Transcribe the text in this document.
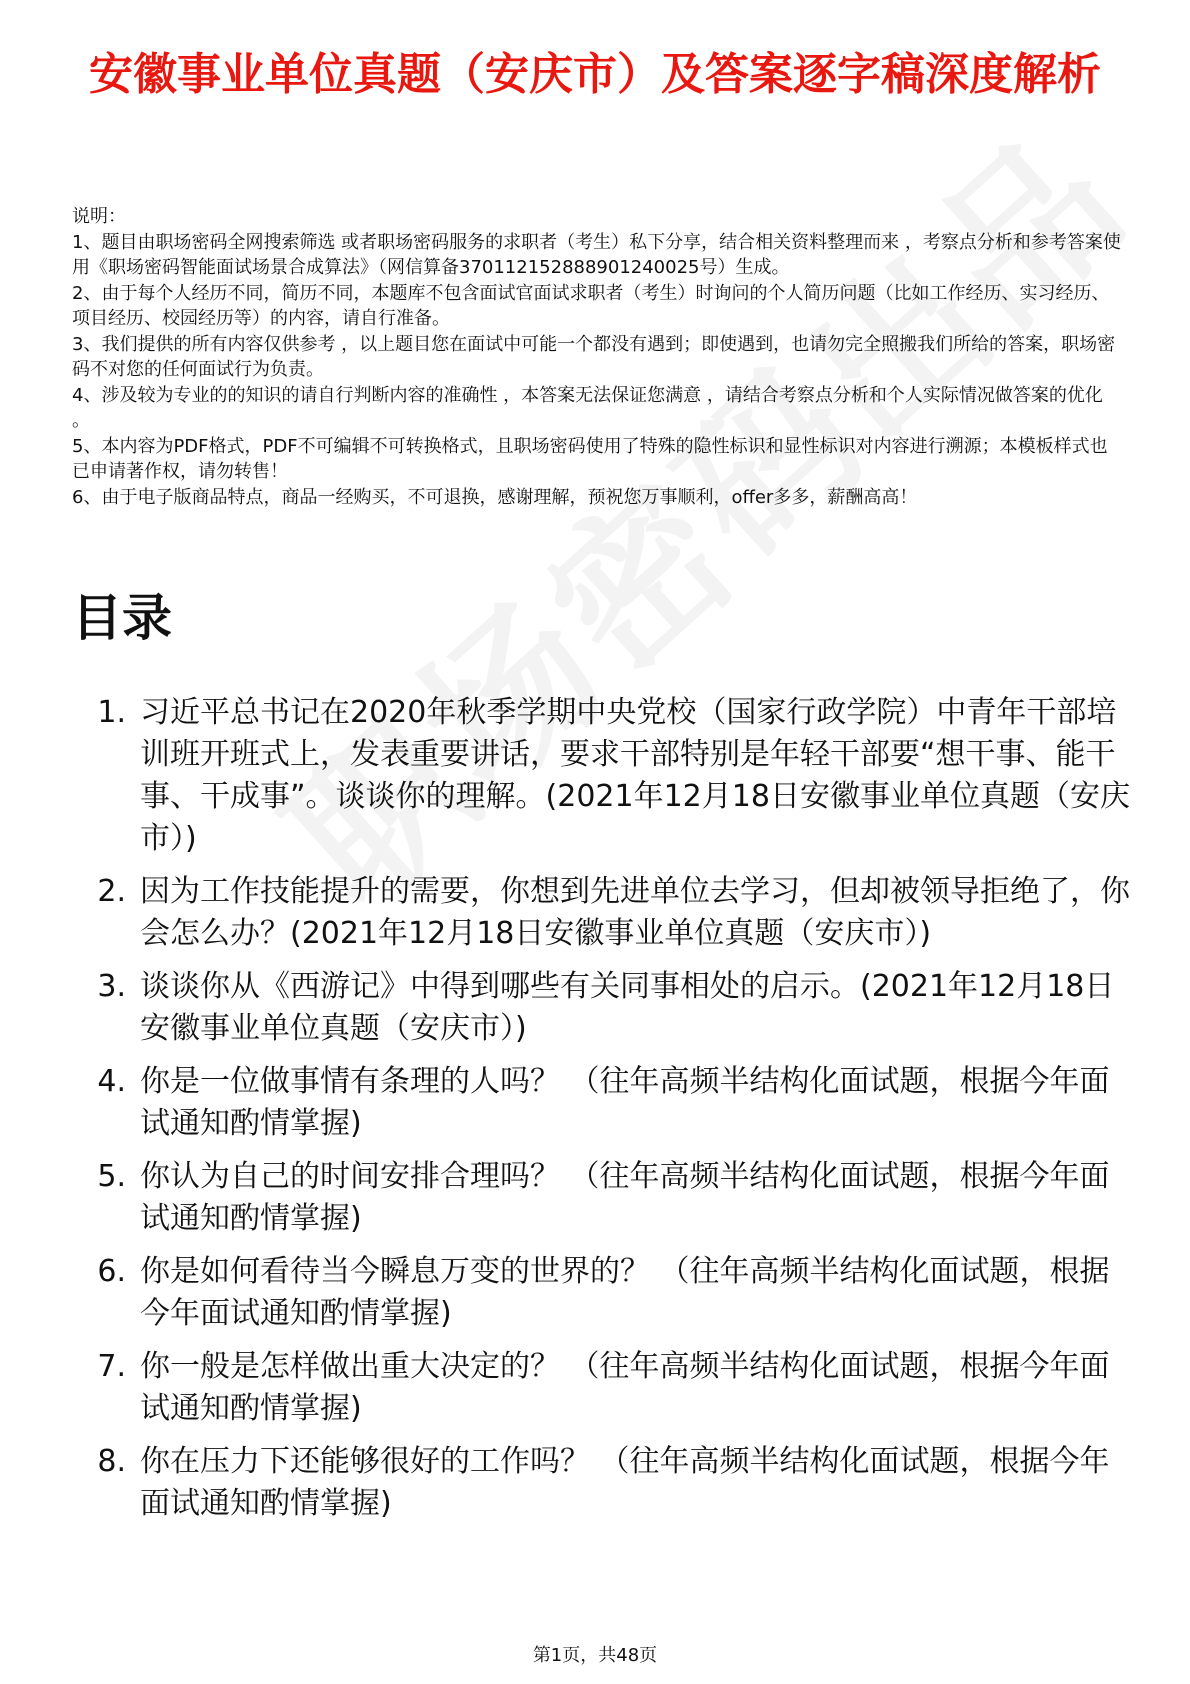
安徽事业单位真题（安庆市）及答案逐字稿深度解析

说明：

1、题目由职场密码全网搜索筛选 或者职场密码服务的求职者（考生）私下分享，结合相关资料整理而来 ，考察点分析和参考答案使用《职场密码智能面试场景合成算法》（网信算备370112152888901240025号）生成。

2、由于每个人经历不同，简历不同，本题库不包含面试官面试求职者（考生）时询问的个人简历问题（比如工作经历、实习经历、项目经历、校园经历等）的内容，请自行准备。

3、我们提供的所有内容仅供参考 ，以上题目您在面试中可能一个都没有遇到；即使遇到，也请勿完全照搬我们所给的答案，职场密码不对您的任何面试行为负责。

4、涉及较为专业的的知识的请自行判断内容的准确性 ，本答案无法保证您满意 ，请结合考察点分析和个人实际情况做答案的优化 。

5、本内容为PDF格式，PDF不可编辑不可转换格式，且职场密码使用了特殊的隐性标识和显性标识对内容进行溯源；本模板样式也已申请著作权，请勿转售！

6、由于电子版商品特点，商品一经购买，不可退换，感谢理解，预祝您万事顺利，offer多多，薪酬高高！

目录
1. 习近平总书记在2020年秋季学期中央党校（国家行政学院）中青年干部培训班开班式上，发表重要讲话，要求干部特别是年轻干部要“想干事、能干事、干成事”。谈谈你的理解。(2021年12月18日安徽事业单位真题（安庆市）)
2. 因为工作技能提升的需要，你想到先进单位去学习，但却被领导拒绝了，你会怎么办？(2021年12月18日安徽事业单位真题（安庆市）)
3. 谈谈你从《西游记》中得到哪些有关同事相处的启示。(2021年12月18日安徽事业单位真题（安庆市）)
4. 你是一位做事情有条理的人吗？ （往年高频半结构化面试题，根据今年面试通知酌情掌握)
5. 你认为自己的时间安排合理吗？ （往年高频半结构化面试题，根据今年面试通知酌情掌握)
6. 你是如何看待当今瞬息万变的世界的？ （往年高频半结构化面试题，根据今年面试通知酌情掌握)
7. 你一般是怎样做出重大决定的？ （往年高频半结构化面试题，根据今年面试通知酌情掌握)
8. 你在压力下还能够很好的工作吗？ （往年高频半结构化面试题，根据今年面试通知酌情掌握)
第1页，共48页
